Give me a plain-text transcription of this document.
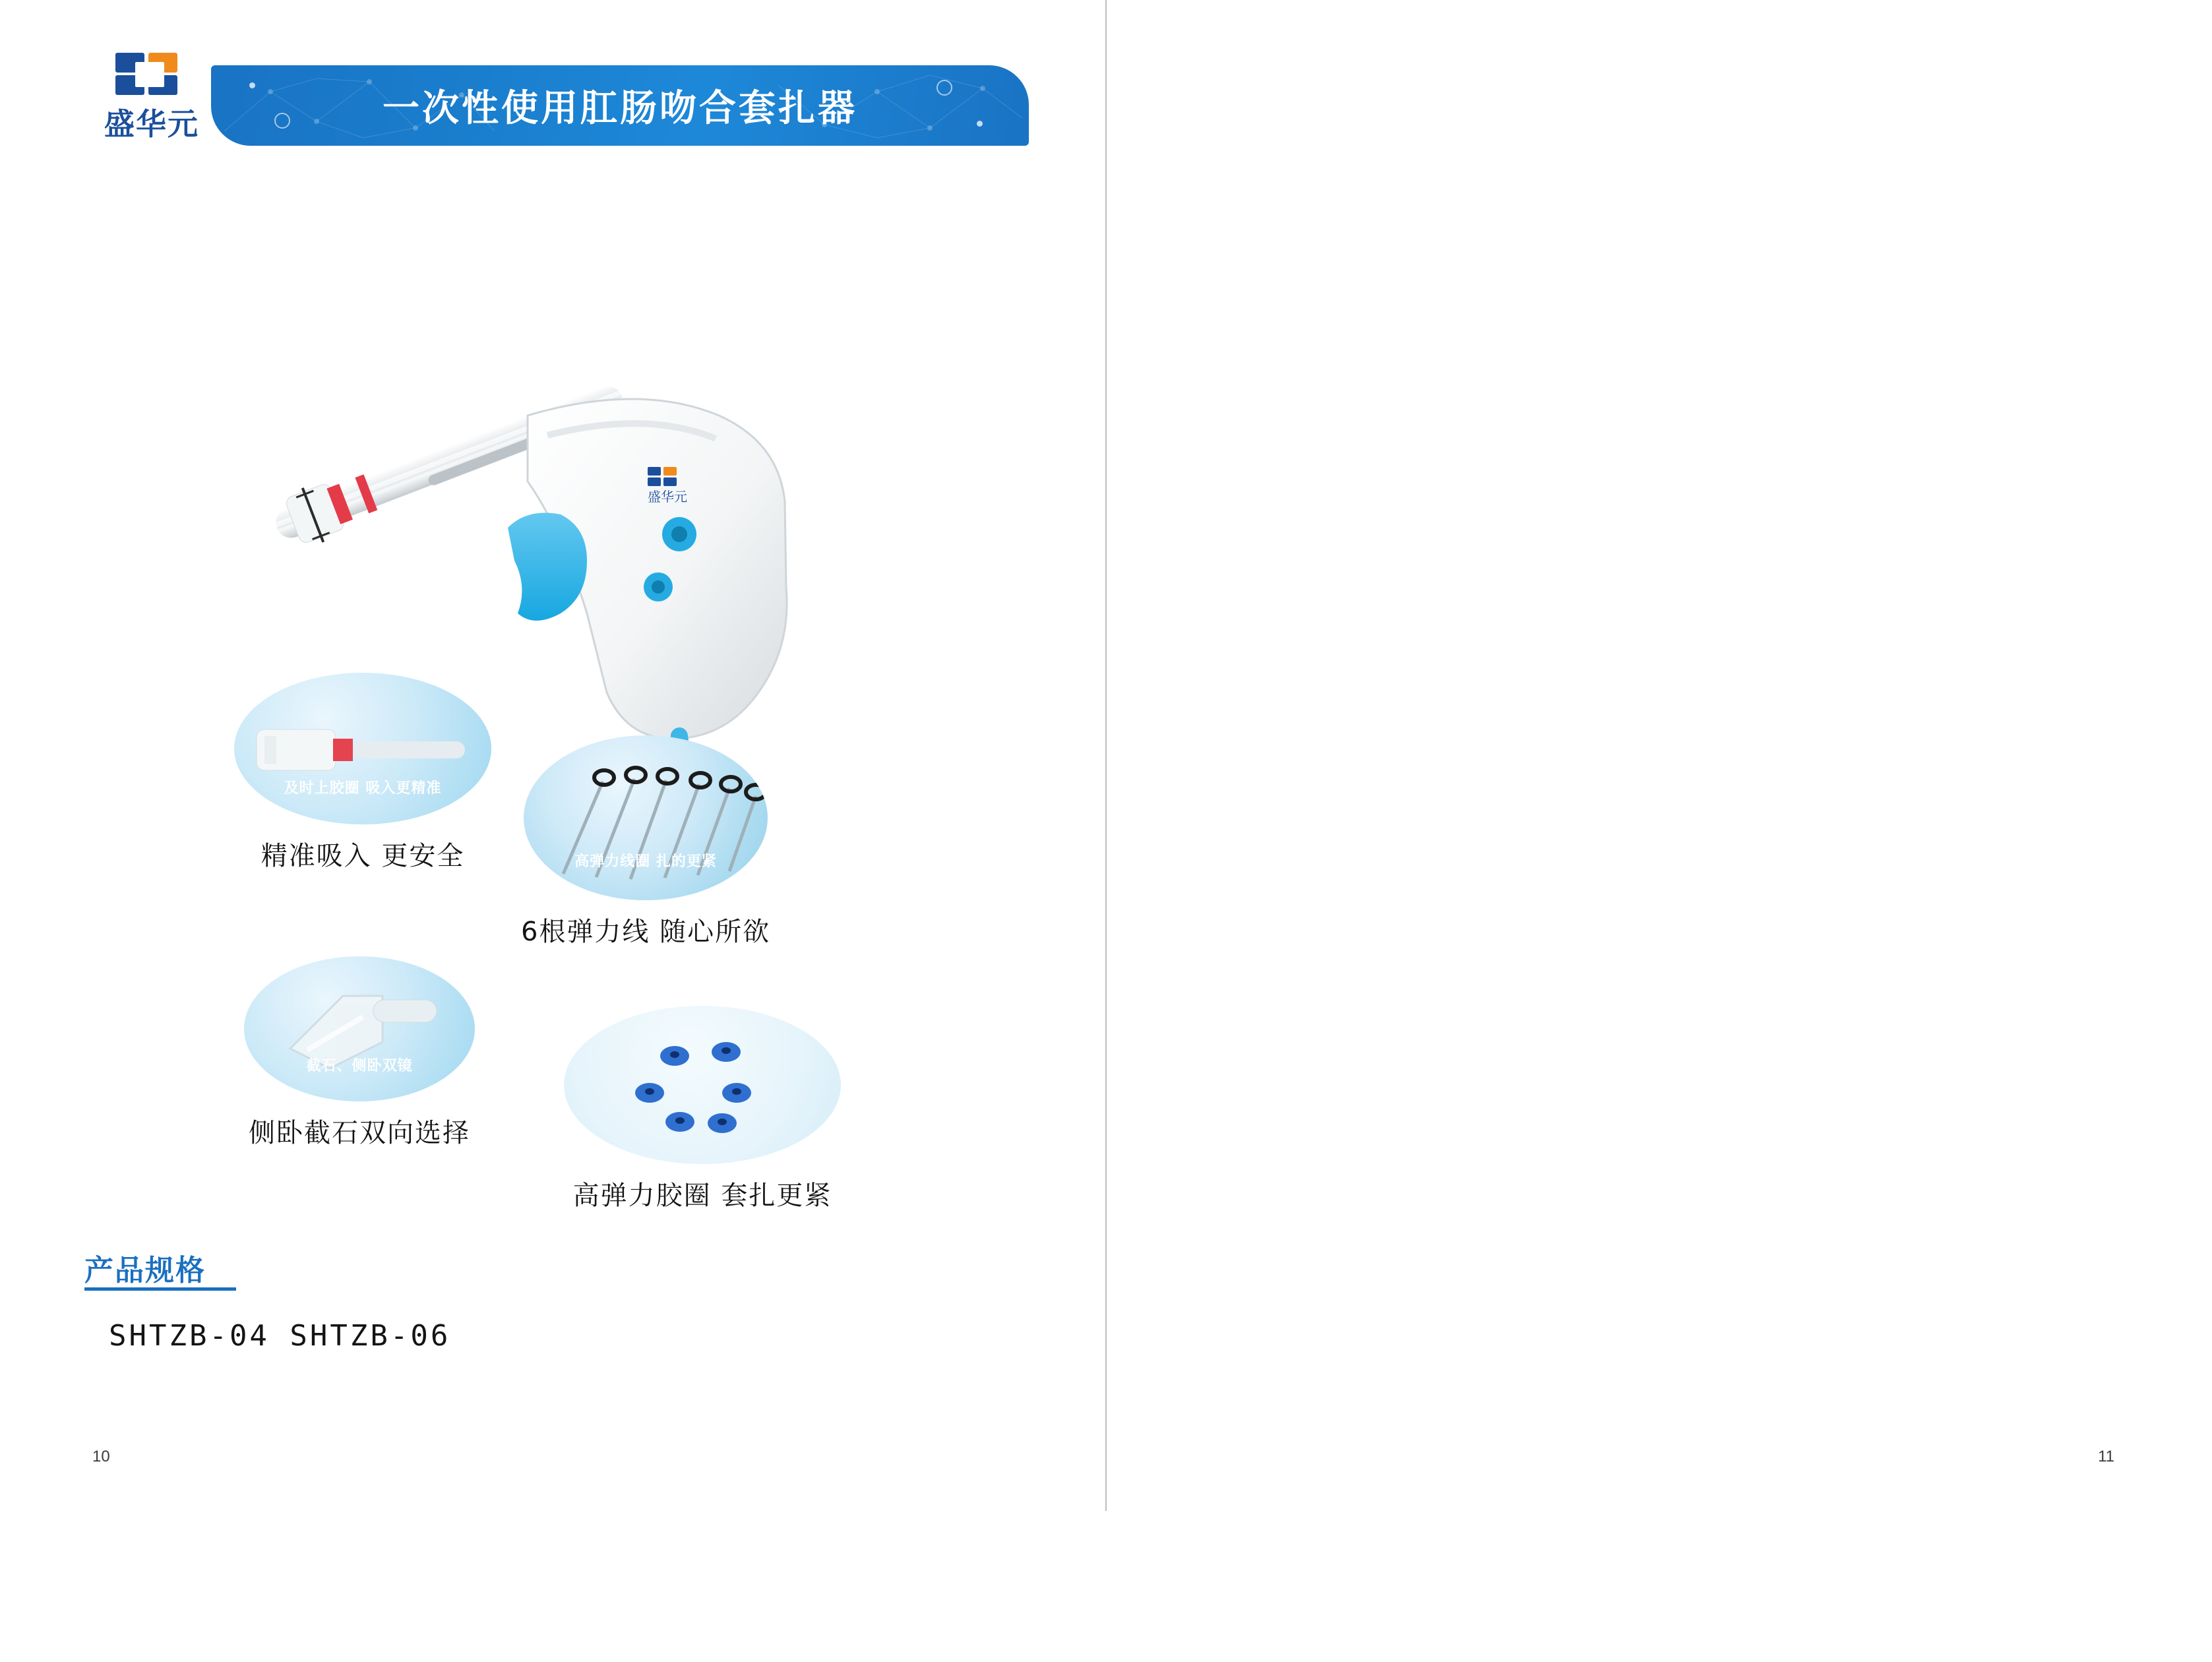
盛华元	一次性使用肛肠吻合套扎器
盛华元
及时上胶圈 吸入更精准
精准吸入 更安全	高弹力线圈 扎的更紧
6根弹力线 随心所欲
截石、侧卧双镜
侧卧截石双向选择
高弹力胶圈 套扎更紧
产品规格
SHTZB-04 SHTZB-06
10	11
